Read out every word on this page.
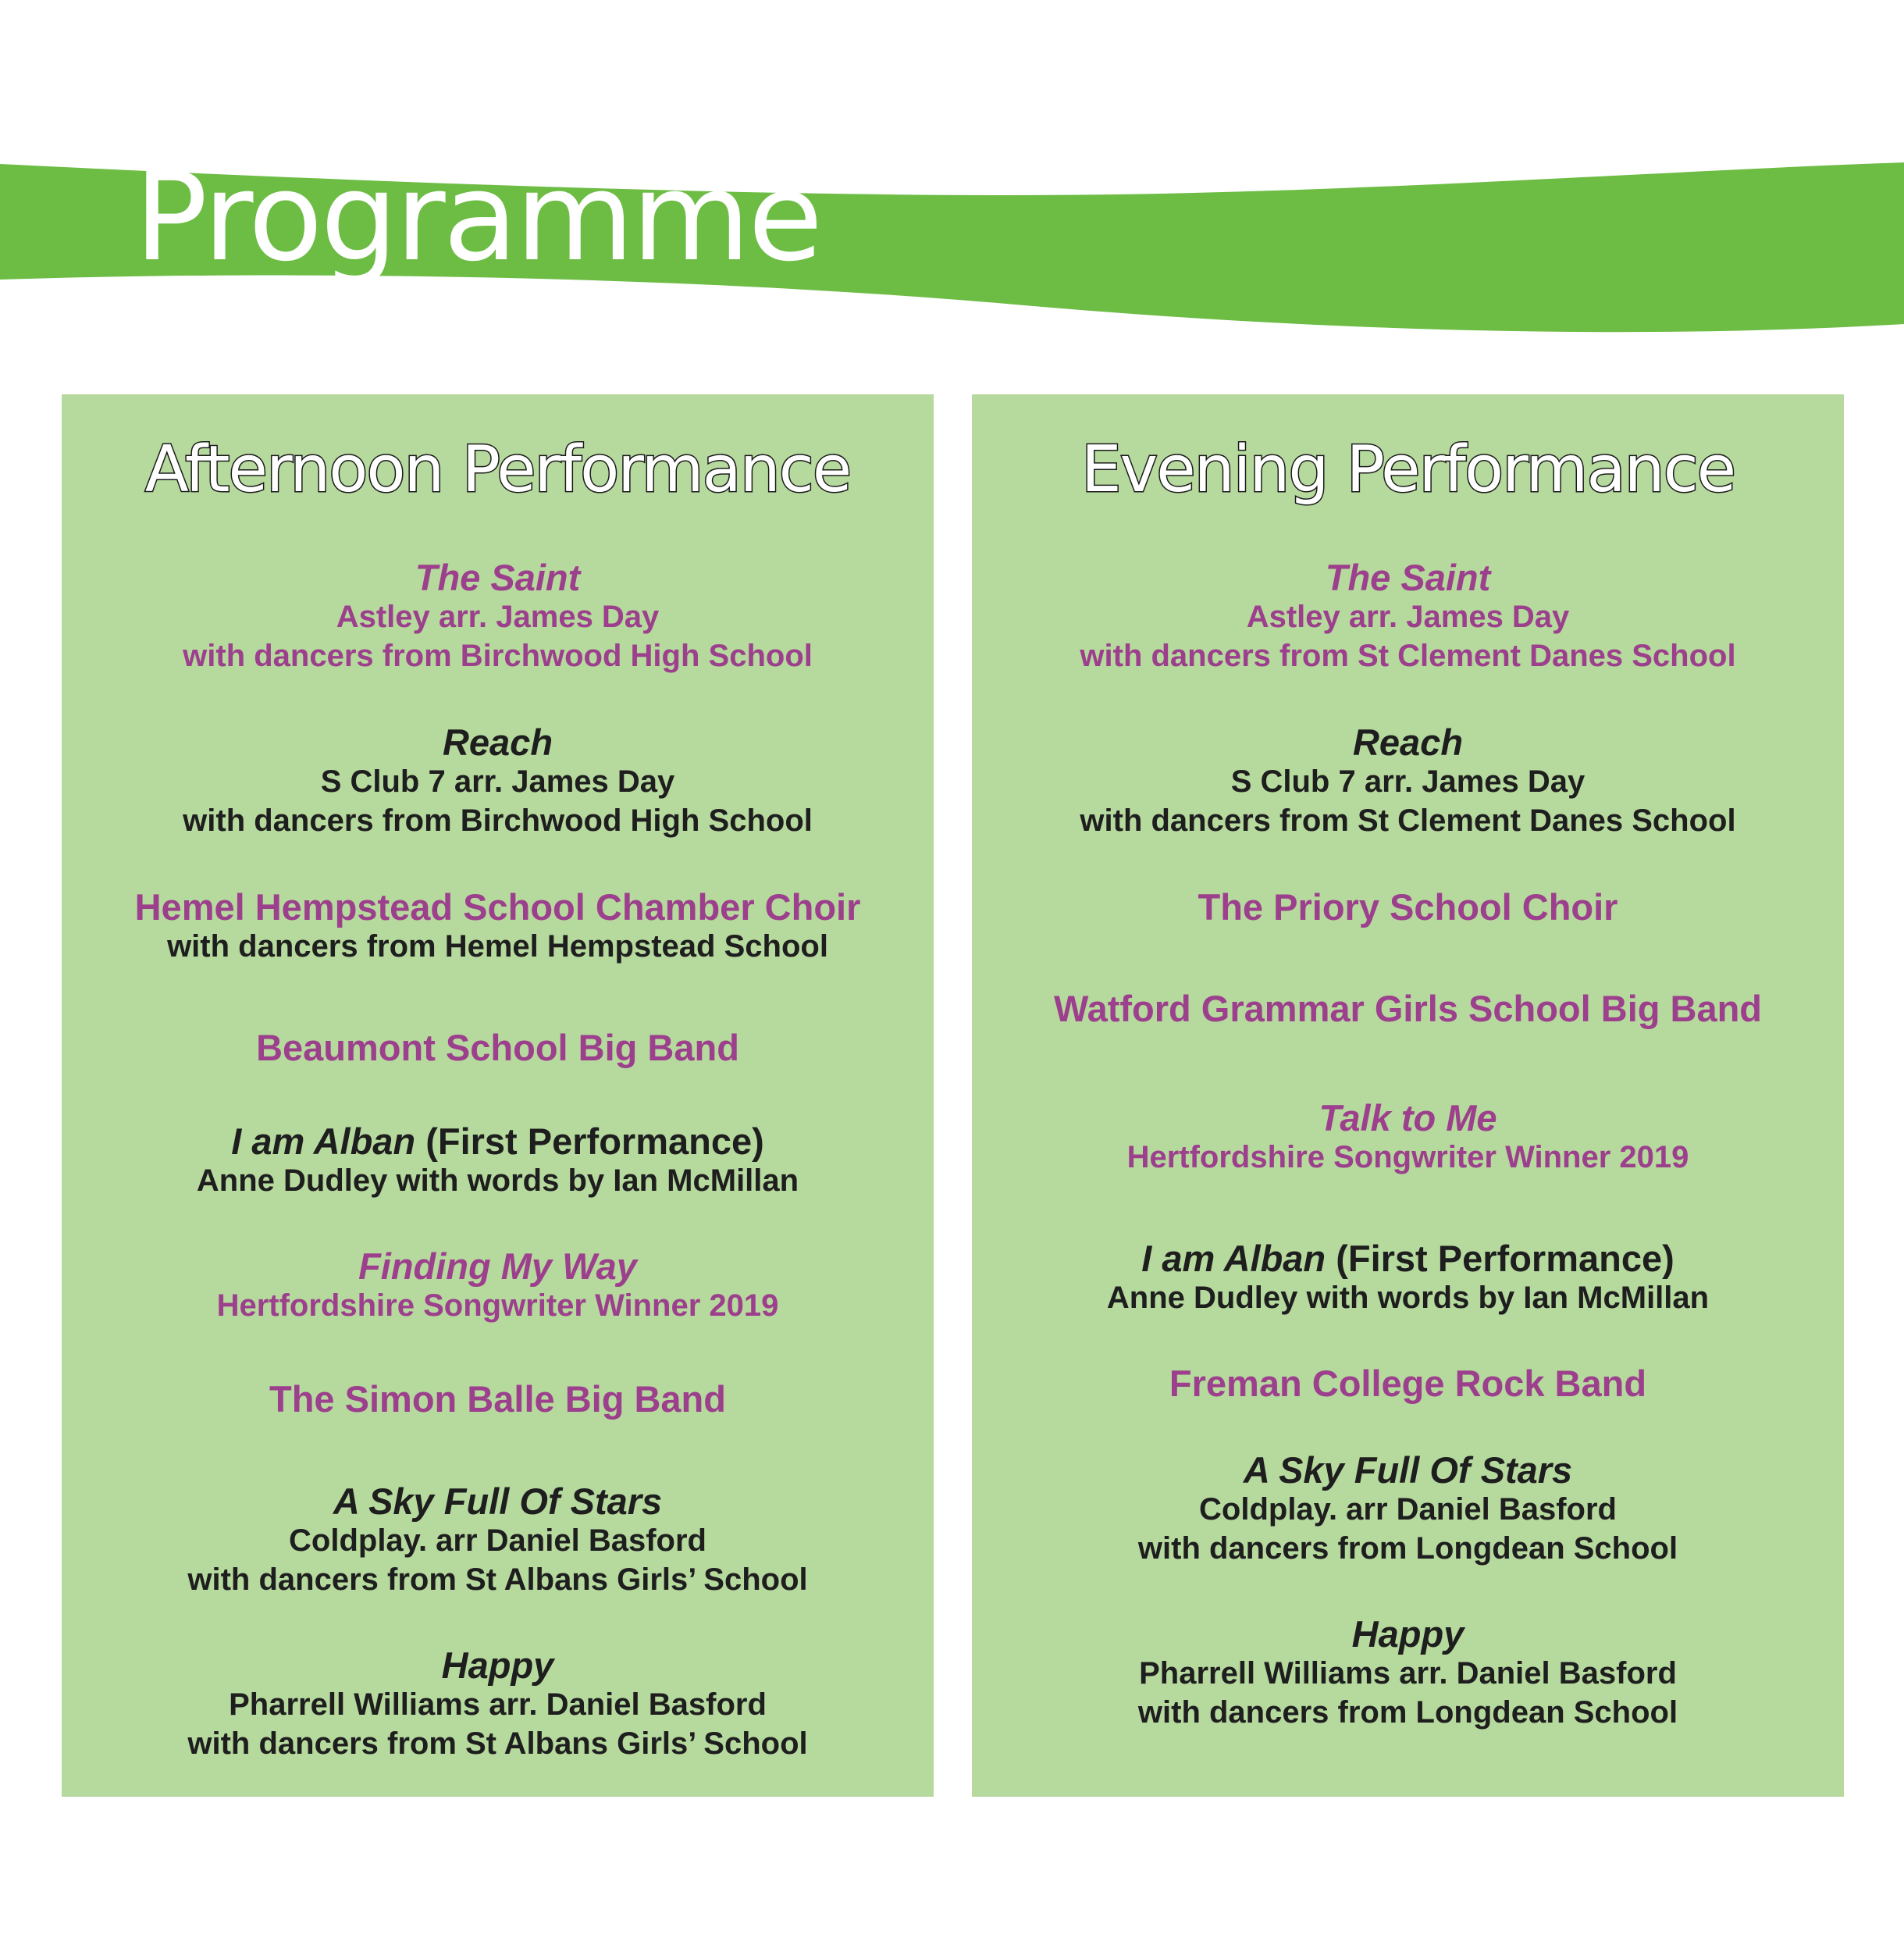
Programme
Afternoon Performance
The Saint
Astley arr. James Day
with dancers from Birchwood High School
Reach
S Club 7 arr. James Day
with dancers from Birchwood High School
Hemel Hempstead School Chamber Choir
with dancers from Hemel Hempstead School
Beaumont School Big Band
I am Alban (First Performance)
Anne Dudley with words by Ian McMillan
Finding My Way
Hertfordshire Songwriter Winner 2019
The Simon Balle Big Band
A Sky Full Of Stars
Coldplay. arr Daniel Basford
with dancers from St Albans Girls’ School
Happy
Pharrell Williams arr. Daniel Basford
with dancers from St Albans Girls’ School
Evening Performance
The Saint
Astley arr. James Day
with dancers from St Clement Danes School
Reach
S Club 7 arr. James Day
with dancers from St Clement Danes School
The Priory School Choir
Watford Grammar Girls School Big Band
Talk to Me
Hertfordshire Songwriter Winner 2019
I am Alban (First Performance)
Anne Dudley with words by Ian McMillan
Freman College Rock Band
A Sky Full Of Stars
Coldplay. arr Daniel Basford
with dancers from Longdean School
Happy
Pharrell Williams arr. Daniel Basford
with dancers from Longdean School
